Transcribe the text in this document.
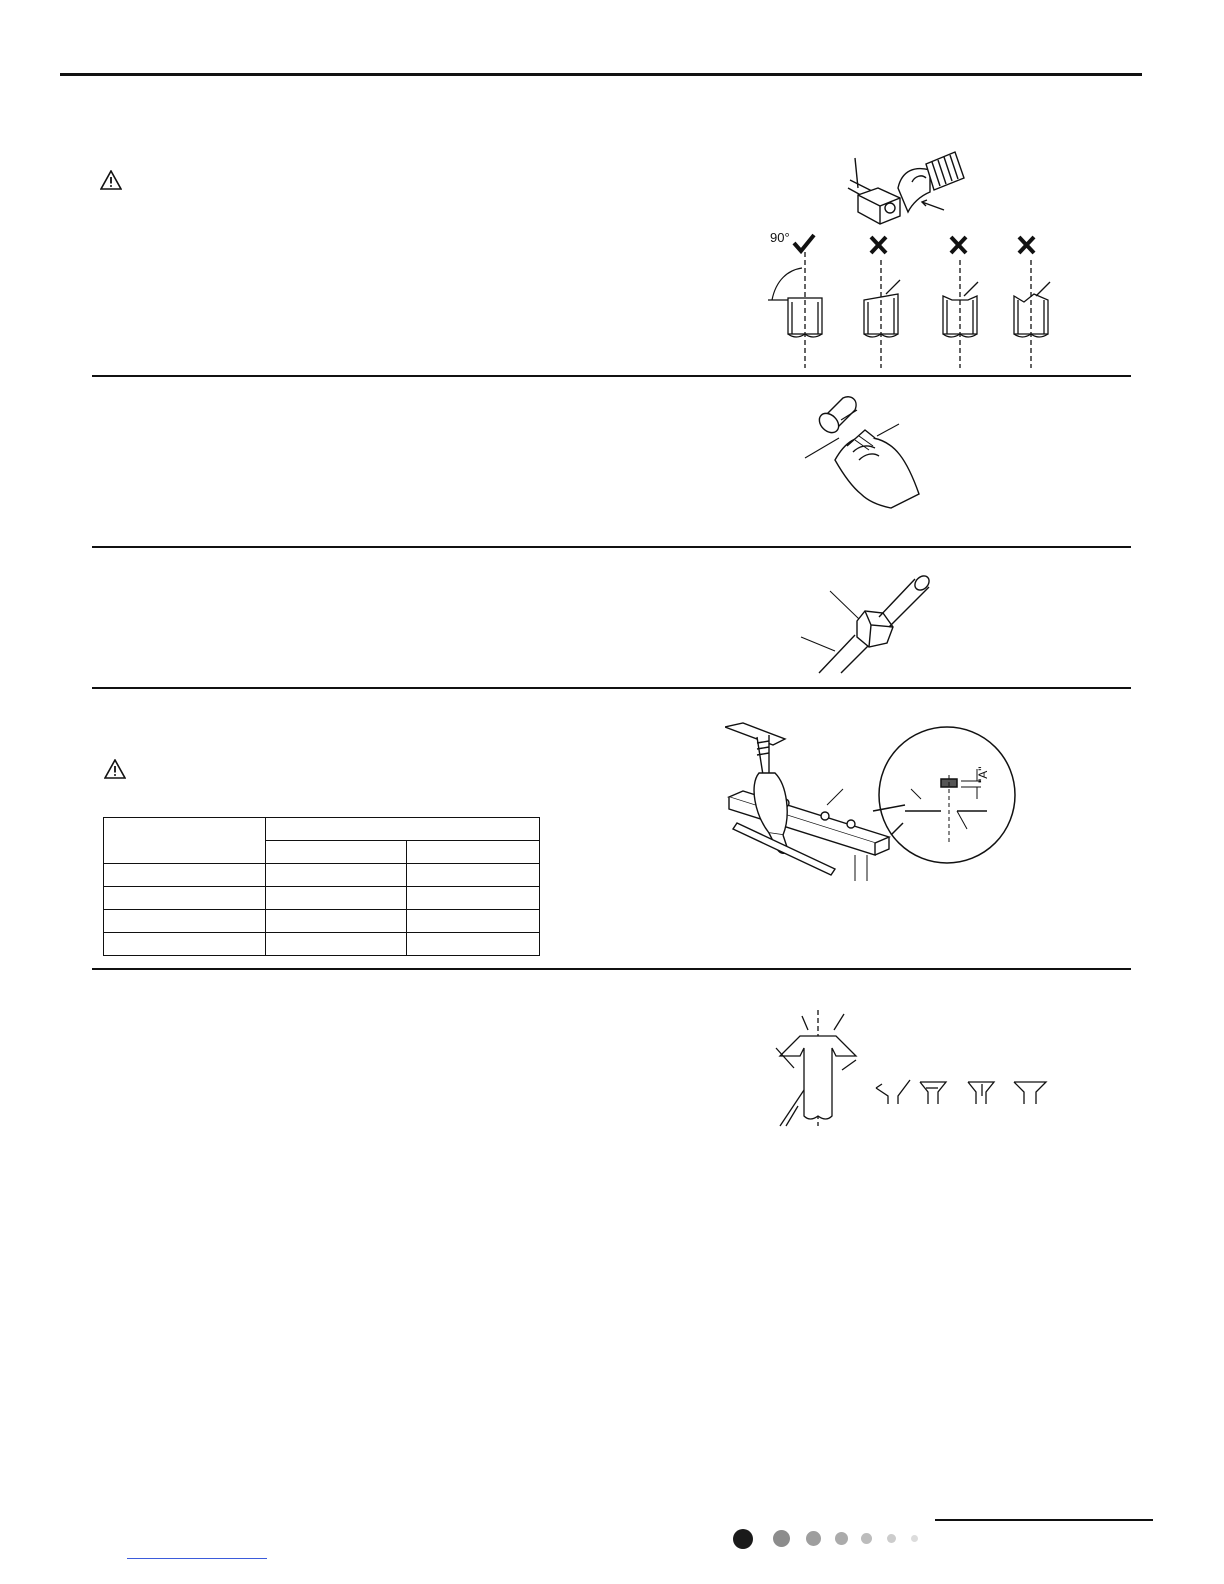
90°
"A"
